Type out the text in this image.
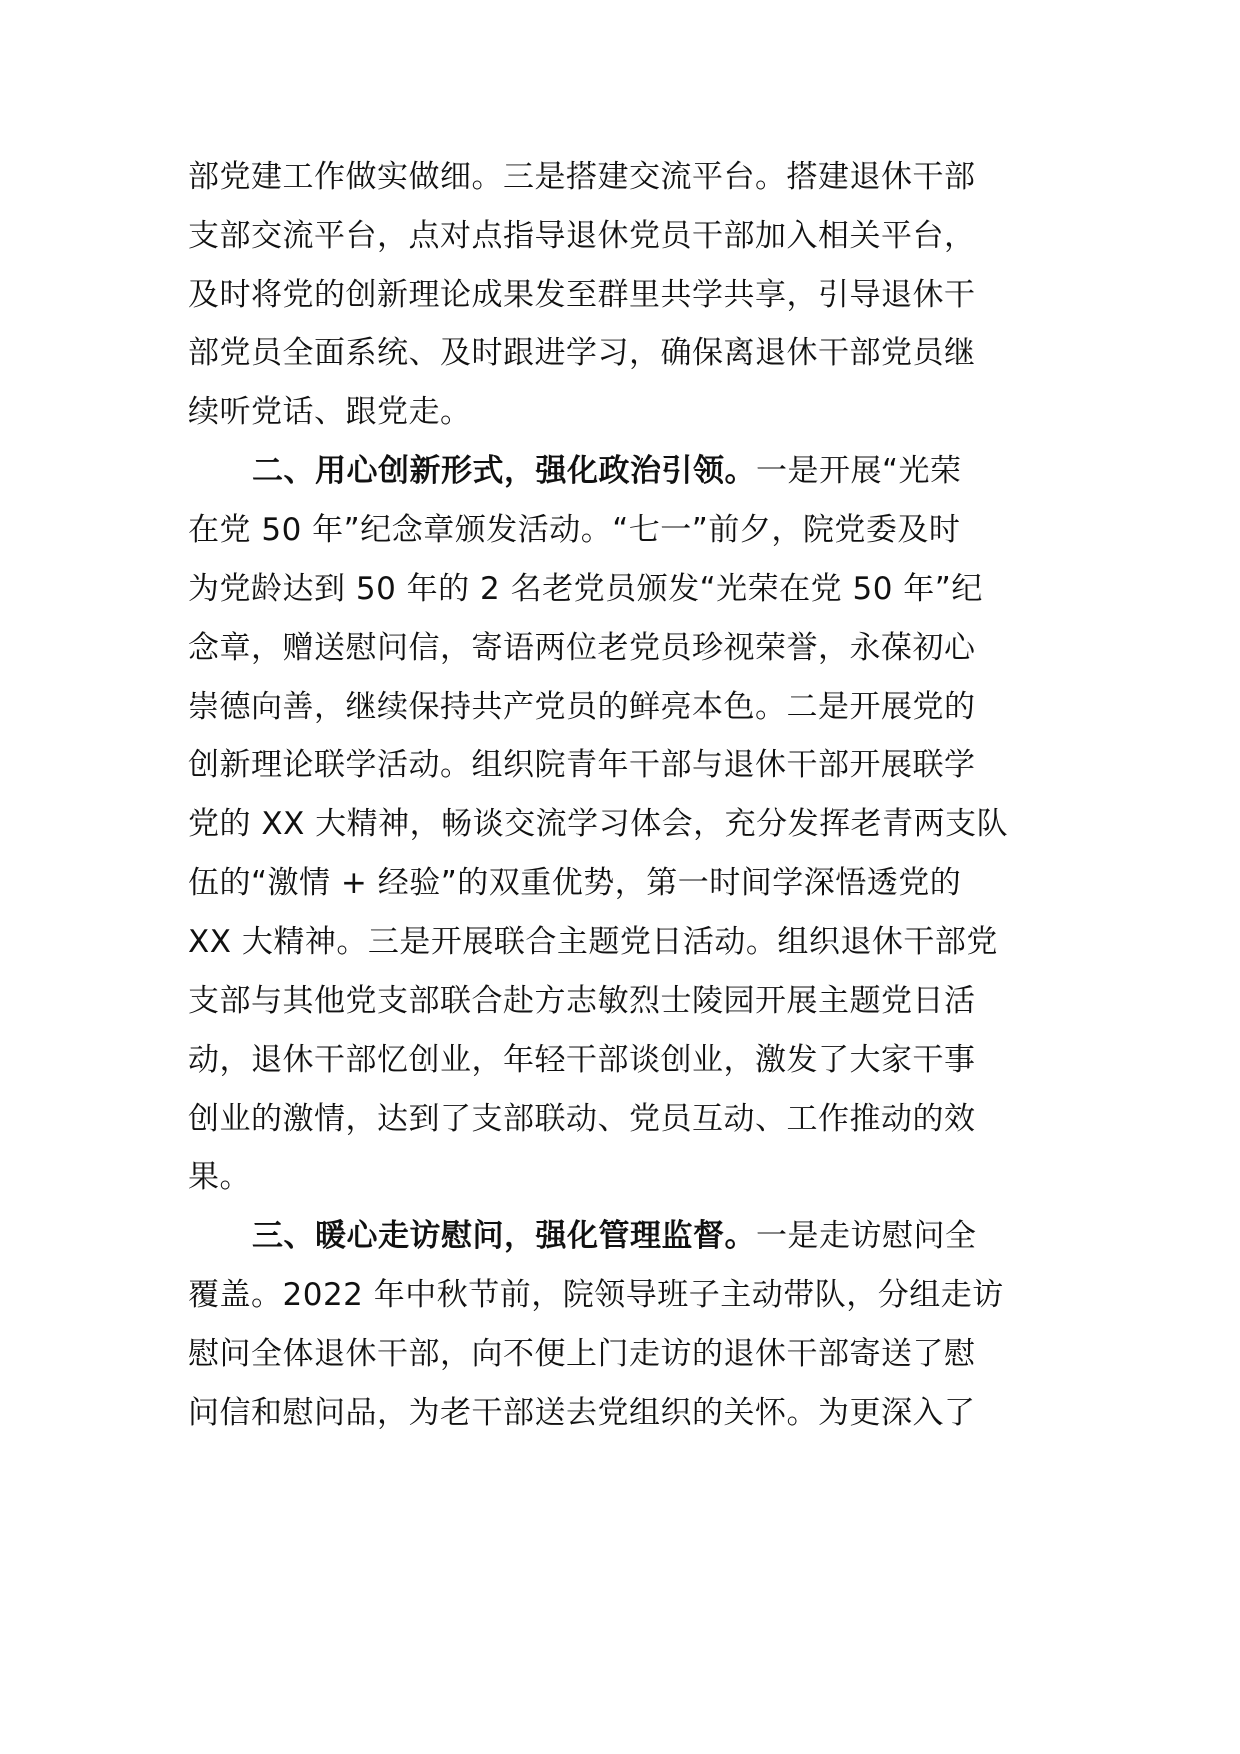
部党建工作做实做细。三是搭建交流平台。搭建退休干部
支部交流平台，点对点指导退休党员干部加入相关平台，
及时将党的创新理论成果发至群里共学共享，引导退休干
部党员全面系统、及时跟进学习，确保离退休干部党员继
续听党话、跟党走。
二、用心创新形式，强化政治引领。一是开展“光荣
在党 50 年”纪念章颁发活动。“七一”前夕，院党委及时
为党龄达到 50 年的 2 名老党员颁发“光荣在党 50 年”纪
念章，赠送慰问信，寄语两位老党员珍视荣誉，永葆初心
崇德向善，继续保持共产党员的鲜亮本色。二是开展党的
创新理论联学活动。组织院青年干部与退休干部开展联学
党的 XX 大精神，畅谈交流学习体会，充分发挥老青两支队
伍的“激情 + 经验”的双重优势，第一时间学深悟透党的
XX 大精神。三是开展联合主题党日活动。组织退休干部党
支部与其他党支部联合赴方志敏烈士陵园开展主题党日活
动，退休干部忆创业，年轻干部谈创业，激发了大家干事
创业的激情，达到了支部联动、党员互动、工作推动的效
果。
三、暖心走访慰问，强化管理监督。一是走访慰问全
覆盖。2022 年中秋节前，院领导班子主动带队，分组走访
慰问全体退休干部，向不便上门走访的退休干部寄送了慰
问信和慰问品，为老干部送去党组织的关怀。为更深入了
